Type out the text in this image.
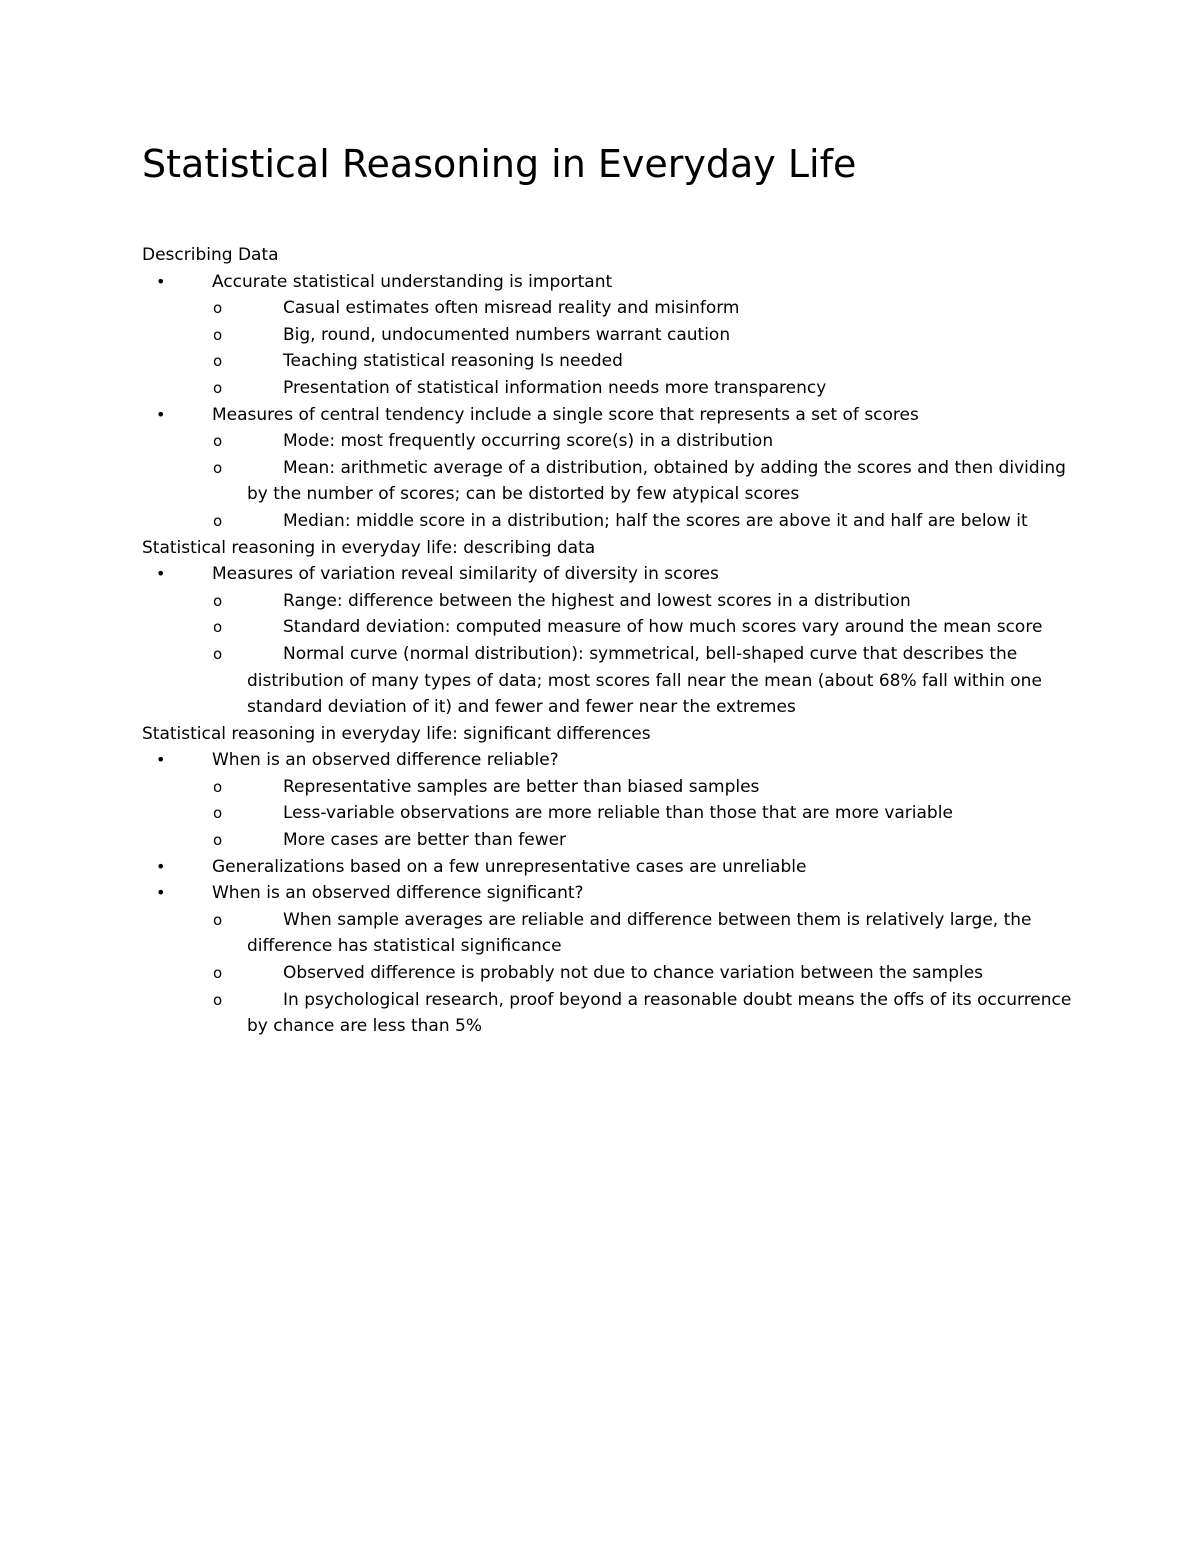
Statistical Reasoning in Everyday Life
Describing Data
•	Accurate statistical understanding is important
o	Casual estimates often misread reality and misinform
o	Big, round, undocumented numbers warrant caution
o	Teaching statistical reasoning Is needed
o	Presentation of statistical information needs more transparency
•	Measures of central tendency include a single score that represents a set of scores
o	Mode: most frequently occurring score(s) in a distribution
o	Mean: arithmetic average of a distribution, obtained by adding the scores and then dividing by the number of scores; can be distorted by few atypical scores
o	Median: middle score in a distribution; half the scores are above it and half are below it
Statistical reasoning in everyday life: describing data
•	Measures of variation reveal similarity of diversity in scores
o	Range: difference between the highest and lowest scores in a distribution
o	Standard deviation: computed measure of how much scores vary around the mean score
o	Normal curve (normal distribution): symmetrical, bell-shaped curve that describes the distribution of many types of data; most scores fall near the mean (about 68% fall within one standard deviation of it) and fewer and fewer near the extremes
Statistical reasoning in everyday life: significant differences
•	When is an observed difference reliable?
o	Representative samples are better than biased samples
o	Less-variable observations are more reliable than those that are more variable
o	More cases are better than fewer
•	Generalizations based on a few unrepresentative cases are unreliable
•	When is an observed difference significant?
o	When sample averages are reliable and difference between them is relatively large, the difference has statistical significance
o	Observed difference is probably not due to chance variation between the samples
o	In psychological research, proof beyond a reasonable doubt means the offs of its occurrence by chance are less than 5%
